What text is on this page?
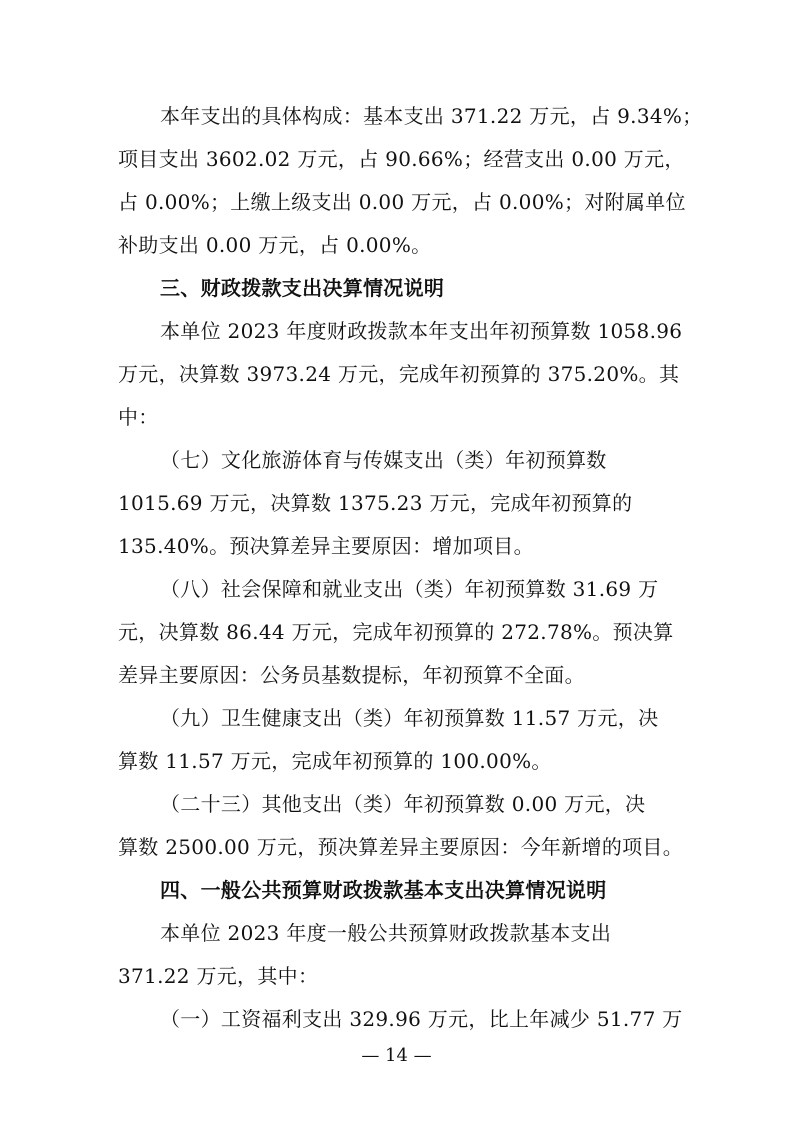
本年支出的具体构成：基本支出 371.22 万元，占 9.34%；
项目支出 3602.02 万元，占 90.66%；经营支出 0.00 万元，
占 0.00%；上缴上级支出 0.00 万元，占 0.00%；对附属单位
补助支出 0.00 万元，占 0.00%。
三、财政拨款支出决算情况说明
本单位 2023 年度财政拨款本年支出年初预算数 1058.96
万元，决算数 3973.24 万元，完成年初预算的 375.20%。其
中：
（七）文化旅游体育与传媒支出（类）年初预算数
1015.69 万元，决算数 1375.23 万元，完成年初预算的
135.40%。预决算差异主要原因：增加项目。
（八）社会保障和就业支出（类）年初预算数 31.69 万
元，决算数 86.44 万元，完成年初预算的 272.78%。预决算
差异主要原因：公务员基数提标，年初预算不全面。
（九）卫生健康支出（类）年初预算数 11.57 万元，决
算数 11.57 万元，完成年初预算的 100.00%。
（二十三）其他支出（类）年初预算数 0.00 万元，决
算数 2500.00 万元，预决算差异主要原因：今年新增的项目。
四、一般公共预算财政拨款基本支出决算情况说明
本单位 2023 年度一般公共预算财政拨款基本支出
371.22 万元，其中：
（一）工资福利支出 329.96 万元，比上年减少 51.77 万
— 14 —
